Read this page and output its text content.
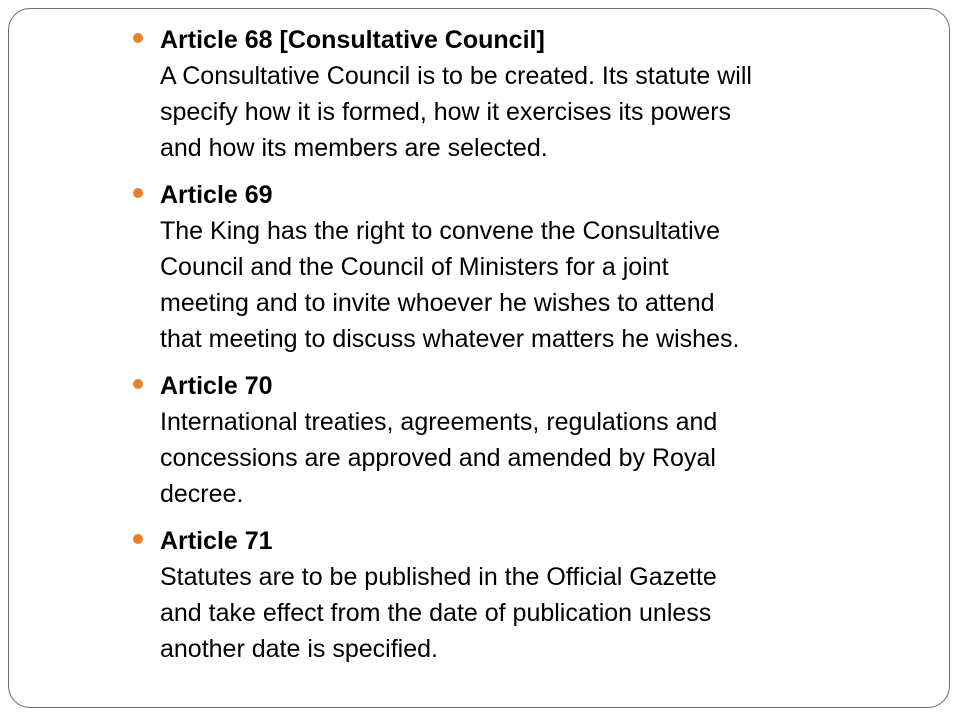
Article 68 [Consultative Council]
A Consultative Council is to be created. Its statute will
specify how it is formed, how it exercises its powers
and how its members are selected.
Article 69
The King has the right to convene the Consultative
Council and the Council of Ministers for a joint
meeting and to invite whoever he wishes to attend
that meeting to discuss whatever matters he wishes.
Article 70
International treaties, agreements, regulations and
concessions are approved and amended by Royal
decree.
Article 71
Statutes are to be published in the Official Gazette
and take effect from the date of publication unless
another date is specified.
